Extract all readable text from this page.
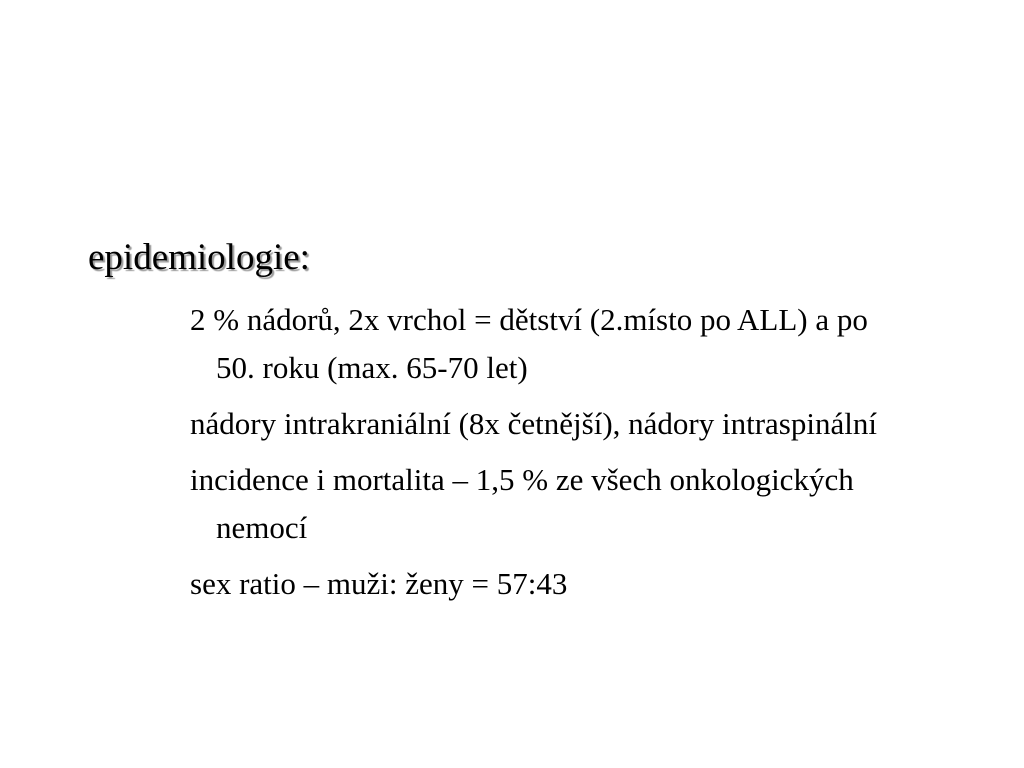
epidemiologie:
2 % nádorů, 2x vrchol = dětství (2.místo po ALL) a po 50. roku (max. 65-70 let)
nádory intrakraniální (8x četnější), nádory intraspinální
incidence i mortalita – 1,5 % ze všech onkologických nemocí
sex ratio – muži: ženy = 57:43
